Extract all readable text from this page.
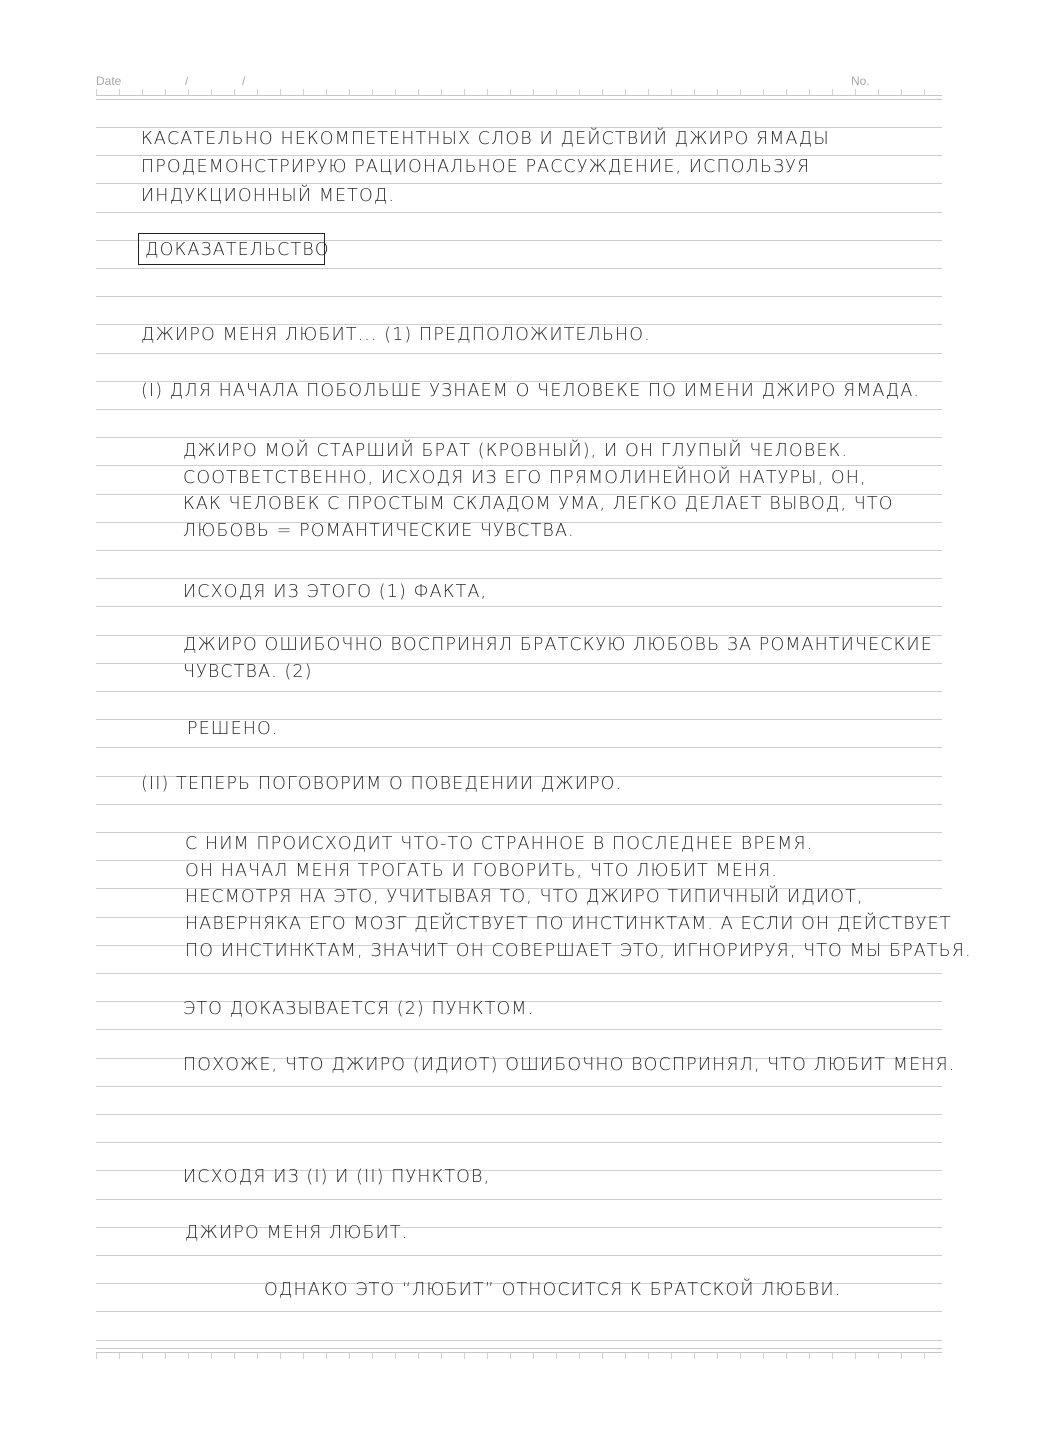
Date	/	/	No.
КАСАТЕЛЬНО НЕКОМПЕТЕНТНЫХ СЛОВ И ДЕЙСТВИЙ ДЖИРО ЯМАДЫ
ПРОДЕМОНСТРИРУЮ РАЦИОНАЛЬНОЕ РАССУЖДЕНИЕ, ИСПОЛЬЗУЯ
ИНДУКЦИОННЫЙ МЕТОД.
ДОКАЗАТЕЛЬСТВО
ДЖИРО МЕНЯ ЛЮБИТ... (1) ПРЕДПОЛОЖИТЕЛЬНО.
(I) ДЛЯ НАЧАЛА ПОБОЛЬШЕ УЗНАЕМ О ЧЕЛОВЕКЕ ПО ИМЕНИ ДЖИРО ЯМАДА.
ДЖИРО МОЙ СТАРШИЙ БРАТ (КРОВНЫЙ), И ОН ГЛУПЫЙ ЧЕЛОВЕК.
СООТВЕТСТВЕННО, ИСХОДЯ ИЗ ЕГО ПРЯМОЛИНЕЙНОЙ НАТУРЫ, ОН,
КАК ЧЕЛОВЕК С ПРОСТЫМ СКЛАДОМ УМА, ЛЕГКО ДЕЛАЕТ ВЫВОД, ЧТО
ЛЮБОВЬ = РОМАНТИЧЕСКИЕ ЧУВСТВА.
ИСХОДЯ ИЗ ЭТОГО (1) ФАКТА,
ДЖИРО ОШИБОЧНО ВОСПРИНЯЛ БРАТСКУЮ ЛЮБОВЬ ЗА РОМАНТИЧЕСКИЕ
ЧУВСТВА. (2)
РЕШЕНО.
(II) ТЕПЕРЬ ПОГОВОРИМ О ПОВЕДЕНИИ ДЖИРО.
С НИМ ПРОИСХОДИТ ЧТО-ТО СТРАННОЕ В ПОСЛЕДНЕЕ ВРЕМЯ.
ОН НАЧАЛ МЕНЯ ТРОГАТЬ И ГОВОРИТЬ, ЧТО ЛЮБИТ МЕНЯ.
НЕСМОТРЯ НА ЭТО, УЧИТЫВАЯ ТО, ЧТО ДЖИРО ТИПИЧНЫЙ ИДИОТ,
НАВЕРНЯКА ЕГО МОЗГ ДЕЙСТВУЕТ ПО ИНСТИНКТАМ. А ЕСЛИ ОН ДЕЙСТВУЕТ
ПО ИНСТИНКТАМ, ЗНАЧИТ ОН СОВЕРШАЕТ ЭТО, ИГНОРИРУЯ, ЧТО МЫ БРАТЬЯ.
ЭТО ДОКАЗЫВАЕТСЯ (2) ПУНКТОМ.
ПОХОЖЕ, ЧТО ДЖИРО (ИДИОТ) ОШИБОЧНО ВОСПРИНЯЛ, ЧТО ЛЮБИТ МЕНЯ.
ИСХОДЯ ИЗ (I) И (II) ПУНКТОВ,
ДЖИРО МЕНЯ ЛЮБИТ.
ОДНАКО ЭТО “ЛЮБИТ” ОТНОСИТСЯ К БРАТСКОЙ ЛЮБВИ.
